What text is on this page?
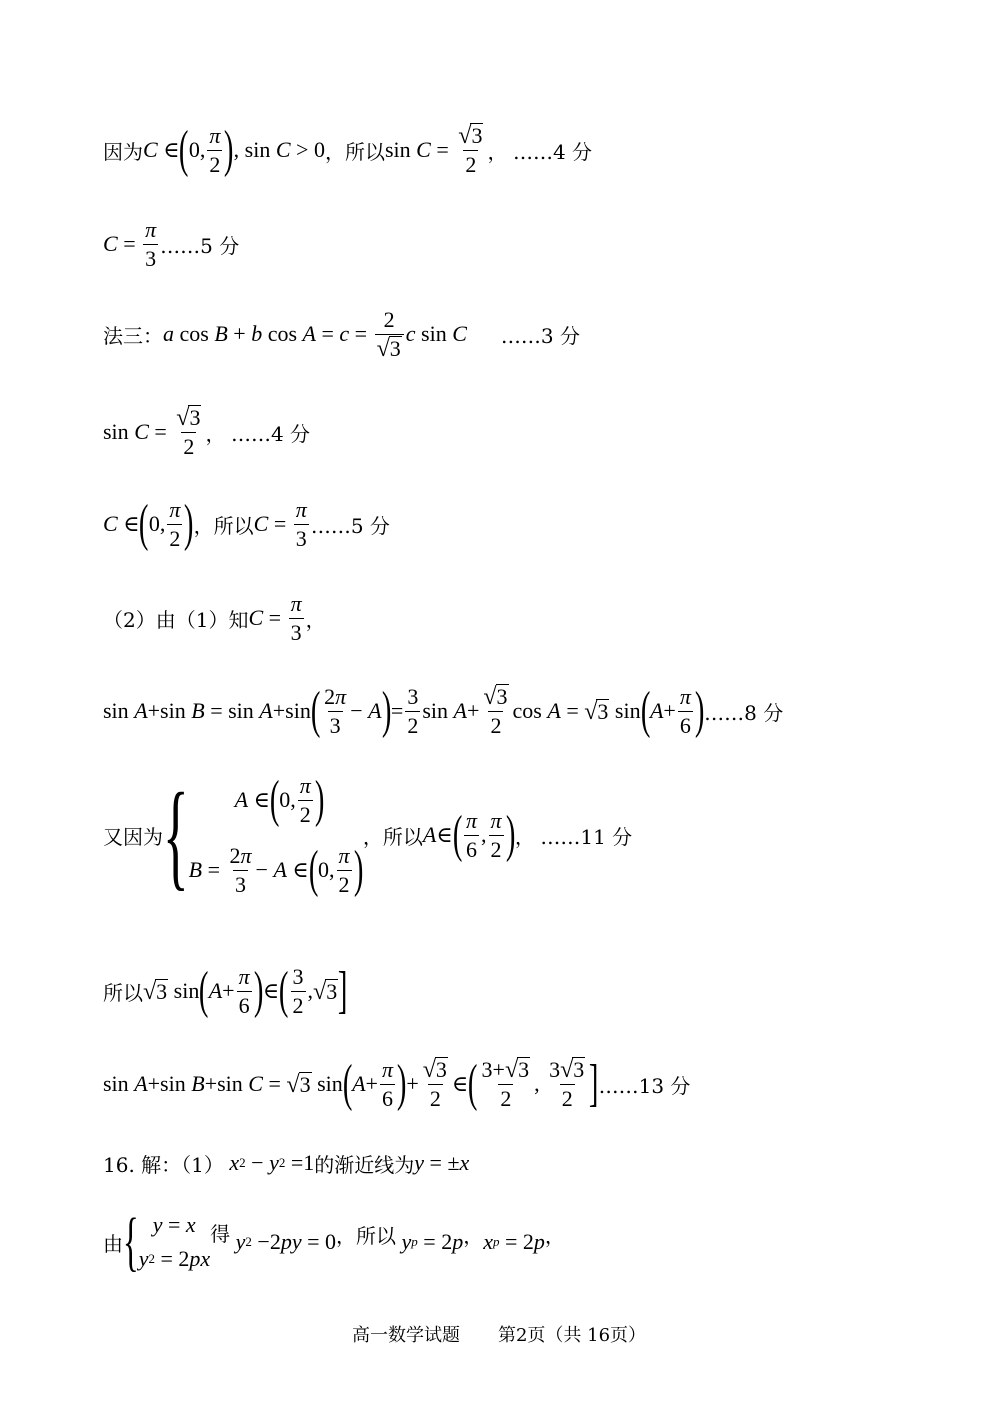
因为 C ∈ ( 0, $\frac{\pi}{2}$ ) , sin C > 0 ，所以 $\sin C = \frac{√ 3}{2}$ ，
……4 分
$C = \frac{\pi}{3}$ ……5 分
法三： a cos B + b $\cos A = c = \frac{2}{√ 3}$ c sin C ……3 分
$\sin C = \frac{√ 3}{2}$ ，
……4 分
C ∈ ( 0, $\frac{\pi}{2}$ ) ，所以 $C = \frac{\pi}{3}$ ……5 分
（2）由（1）知 $C = \frac{\pi}{3}$ ，
sin A +sin B = sin A +sin ( $\frac{2\pi}{3} - A$ ) = $\frac{3}{2}$ $\sin A + \frac{√ 3}{2}$ cos A = √ 3 sin ( $A + \frac{\pi}{6}$ ) ……8 分
又因为 { A ∈ ( 0, $\frac{\pi}{2}$ )
$B = \frac{2\pi}{3} - A$ ∈ ( 0, $\frac{\pi}{2}$ )
，所以 A ∈ ( $\frac{\pi}{6}$ , $\frac{\pi}{2}$ ) ，
……11 分
所以 √ 3 sin ( $A + \frac{\pi}{6}$ ) ∈ ( $\frac{3}{2}$ , √ 3 ]
sin A +sin B +sin C = √ 3 sin ( $A + \frac{\pi}{6}$ ) + $\frac{√ 3}{2}$ ∈ ( $\frac{3+ √ 3}{2}$ , $\frac{3 √ 3}{2}$ ] ……13 分
16. 解：（1）
x 2 − y 2 =1 的渐近线为 y = ± x
由 { y = x
y 2 = 2 px
得
y 2 −2 py = 0 ，所以
y p = 2 p ， x p = 2 p ，
高一数学试题 第2页（共 16页）
